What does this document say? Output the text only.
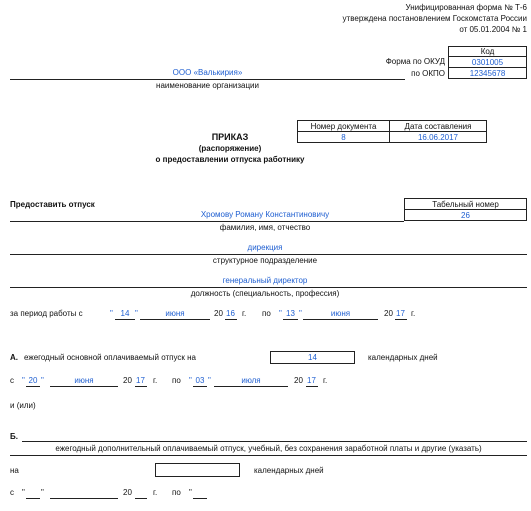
Унифицированная форма № Т-6
утверждена постановлением Госкомстата России
от 05.01.2004 № 1
Код
Форма по ОКУД	0301005
по ОКПО	12345678
ООО «Валькирия»
наименование организации
Номер документа	Дата составления
8	16.06.2017
ПРИКАЗ
(распоряжение)
о предоставлении отпуска работнику
Предоставить отпуск	Табельный номер
26
Хромову Роману Константиновичу
фамилия, имя, отчество
дирекция
структурное подразделение
генеральный директор
должность (специальность, профессия)
за период работы с	" 14 "	июня	20 16 г. по " 13 "	июня	20 17 г.
А. ежегодный основной оплачиваемый отпуск на	14	календарных дней
с " 20 "	июня	20 17 г. по " 03 "	июля	20 17 г.
и (или)
Б.
ежегодный дополнительный оплачиваемый отпуск, учебный, без сохранения заработной платы и другие (указать)
на	календарных дней
с " "	20	г. по "
